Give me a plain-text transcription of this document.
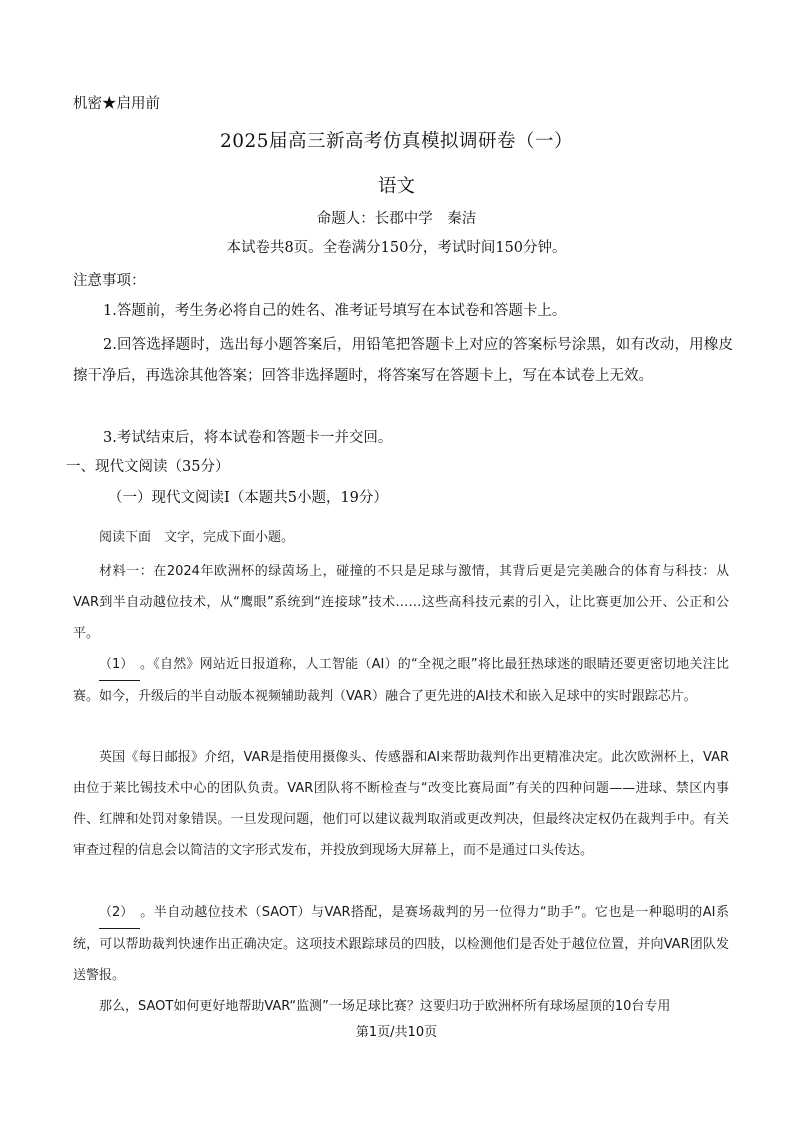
机密★启用前
2025届高三新高考仿真模拟调研卷（一）
语文
命题人：长郡中学　秦洁
本试卷共8页。全卷满分150分，考试时间150分钟。
注意事项：
1.答题前，考生务必将自己的姓名、准考证号填写在本试卷和答题卡上。
2.回答选择题时，选出每小题答案后，用铅笔把答题卡上对应的答案标号涂黑，如有改动，用橡皮擦干净后，再选涂其他答案；回答非选择题时，将答案写在答题卡上，写在本试卷上无效。
3.考试结束后，将本试卷和答题卡一并交回。
一、现代文阅读（35分）
（一）现代文阅读Ⅰ（本题共5小题，19分）
阅读下面　文字，完成下面小题。
材料一：在2024年欧洲杯的绿茵场上，碰撞的不只是足球与激情，其背后更是完美融合的体育与科技：从VAR到半自动越位技术，从“鹰眼”系统到“连接球”技术……这些高科技元素的引入，让比赛更加公开、公正和公平。
（1）　。《自然》网站近日报道称，人工智能（AI）的“全视之眼”将比最狂热球迷的眼睛还要更密切地关注比赛。如今，升级后的半自动版本视频辅助裁判（VAR）融合了更先进的AI技术和嵌入足球中的实时跟踪芯片。
英国《每日邮报》介绍，VAR是指使用摄像头、传感器和AI来帮助裁判作出更精准决定。此次欧洲杯上，VAR由位于莱比锡技术中心的团队负责。VAR团队将不断检查与“改变比赛局面”有关的四种问题——进球、禁区内事件、红牌和处罚对象错误。一旦发现问题，他们可以建议裁判取消或更改判决，但最终决定权仍在裁判手中。有关审查过程的信息会以简洁的文字形式发布，并投放到现场大屏幕上，而不是通过口头传达。
（2）　。半自动越位技术（SAOT）与VAR搭配，是赛场裁判的另一位得力“助手”。它也是一种聪明的AI系统，可以帮助裁判快速作出正确决定。这项技术跟踪球员的四肢，以检测他们是否处于越位位置，并向VAR团队发送警报。
那么，SAOT如何更好地帮助VAR“监测”一场足球比赛？这要归功于欧洲杯所有球场屋顶的10台专用
第1页/共10页
